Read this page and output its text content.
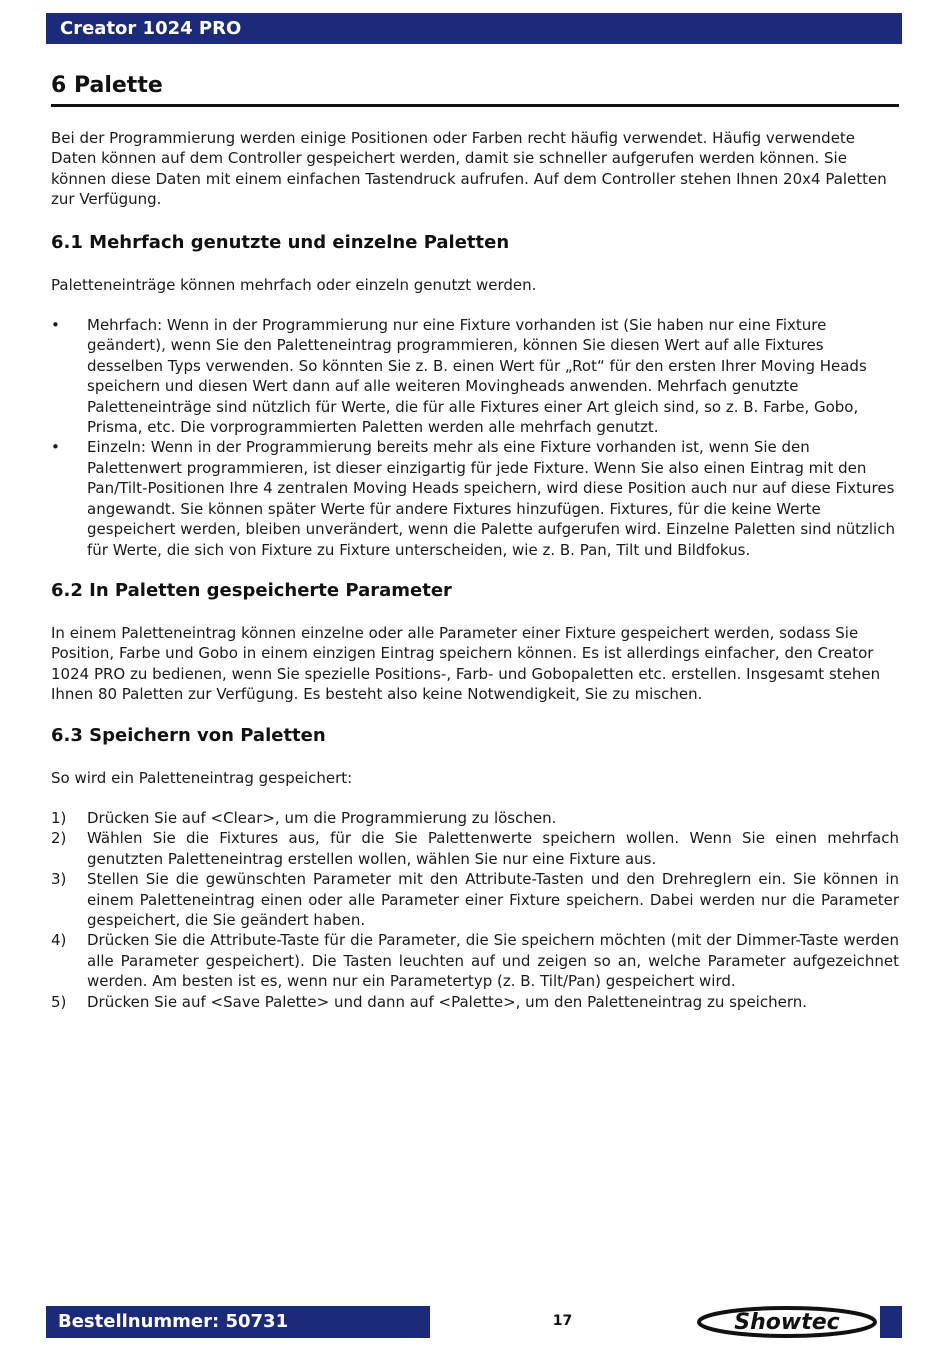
Creator 1024 PRO
6 Palette

Bei der Programmierung werden einige Positionen oder Farben recht häufig verwendet. Häufig verwendete Daten können auf dem Controller gespeichert werden, damit sie schneller aufgerufen werden können. Sie können diese Daten mit einem einfachen Tastendruck aufrufen. Auf dem Controller stehen Ihnen 20x4 Paletten zur Verfügung.

6.1 Mehrfach genutzte und einzelne Paletten

Paletteneinträge können mehrfach oder einzeln genutzt werden.

• Mehrfach: Wenn in der Programmierung nur eine Fixture vorhanden ist (Sie haben nur eine Fixture geändert), wenn Sie den Paletteneintrag programmieren, können Sie diesen Wert auf alle Fixtures desselben Typs verwenden. So könnten Sie z. B. einen Wert für „Rot“ für den ersten Ihrer Moving Heads speichern und diesen Wert dann auf alle weiteren Movingheads anwenden. Mehrfach genutzte Paletteneinträge sind nützlich für Werte, die für alle Fixtures einer Art gleich sind, so z. B. Farbe, Gobo, Prisma, etc. Die vorprogrammierten Paletten werden alle mehrfach genutzt.
• Einzeln: Wenn in der Programmierung bereits mehr als eine Fixture vorhanden ist, wenn Sie den Palettenwert programmieren, ist dieser einzigartig für jede Fixture. Wenn Sie also einen Eintrag mit den Pan/Tilt-Positionen Ihre 4 zentralen Moving Heads speichern, wird diese Position auch nur auf diese Fixtures angewandt. Sie können später Werte für andere Fixtures hinzufügen. Fixtures, für die keine Werte gespeichert werden, bleiben unverändert, wenn die Palette aufgerufen wird. Einzelne Paletten sind nützlich für Werte, die sich von Fixture zu Fixture unterscheiden, wie z. B. Pan, Tilt und Bildfokus.
6.2 In Paletten gespeicherte Parameter

In einem Paletteneintrag können einzelne oder alle Parameter einer Fixture gespeichert werden, sodass Sie Position, Farbe und Gobo in einem einzigen Eintrag speichern können. Es ist allerdings einfacher, den Creator 1024 PRO zu bedienen, wenn Sie spezielle Positions-, Farb- und Gobopaletten etc. erstellen. Insgesamt stehen Ihnen 80 Paletten zur Verfügung. Es besteht also keine Notwendigkeit, Sie zu mischen.

6.3 Speichern von Paletten

So wird ein Paletteneintrag gespeichert:

1) Drücken Sie auf <Clear>, um die Programmierung zu löschen.
2) Wählen Sie die Fixtures aus, für die Sie Palettenwerte speichern wollen. Wenn Sie einen mehrfach genutzten Paletteneintrag erstellen wollen, wählen Sie nur eine Fixture aus.
3) Stellen Sie die gewünschten Parameter mit den Attribute-Tasten und den Drehreglern ein. Sie können in einem Paletteneintrag einen oder alle Parameter einer Fixture speichern. Dabei werden nur die Parameter gespeichert, die Sie geändert haben.
4) Drücken Sie die Attribute-Taste für die Parameter, die Sie speichern möchten (mit der Dimmer-Taste werden alle Parameter gespeichert). Die Tasten leuchten auf und zeigen so an, welche Parameter aufgezeichnet werden. Am besten ist es, wenn nur ein Parametertyp (z. B. Tilt/Pan) gespeichert wird.
5) Drücken Sie auf <Save Palette> und dann auf <Palette>, um den Paletteneintrag zu speichern.
Bestellnummer: 50731	17	Showtec
